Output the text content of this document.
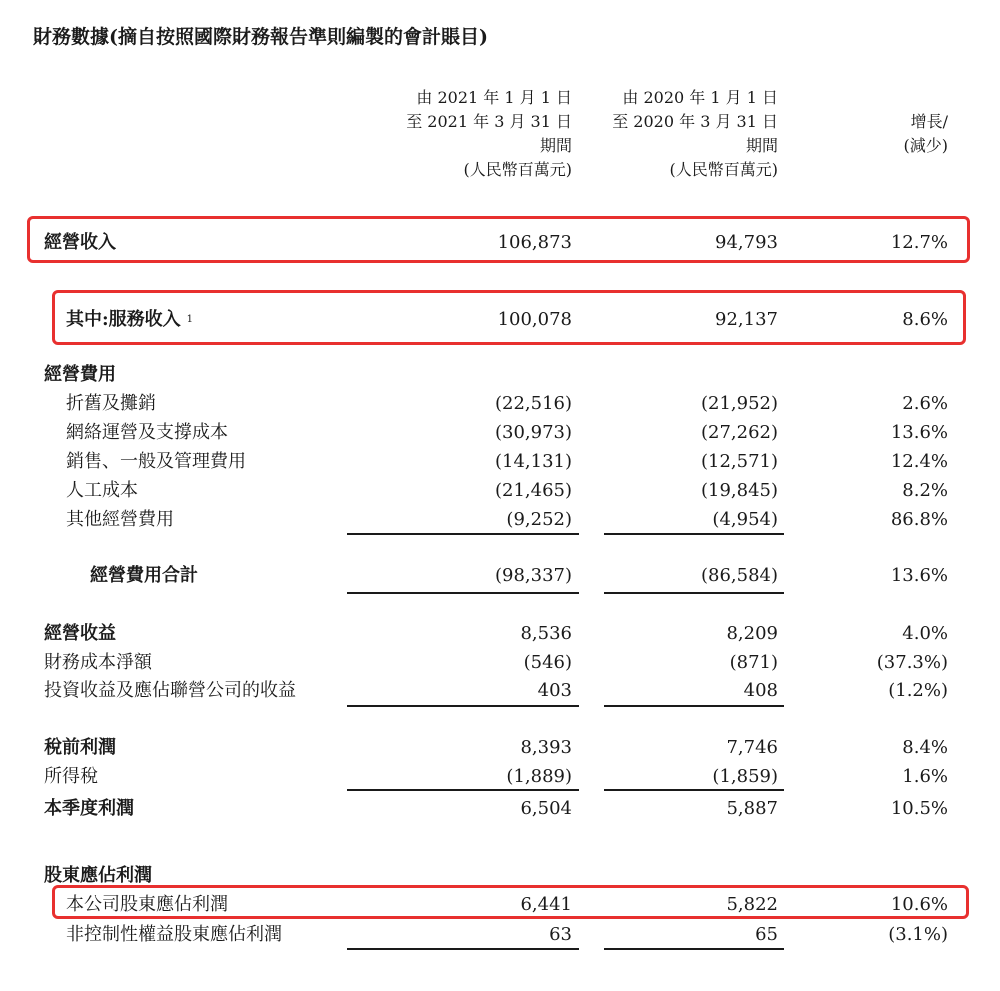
財務數據(摘自按照國際財務報告準則編製的會計賬目)
由 2021 年 1 月 1 日
至 2021 年 3 月 31 日
期間
(人民幣百萬元)
由 2020 年 1 月 1 日
至 2020 年 3 月 31 日
期間
(人民幣百萬元)
增長/
(減少)
經營收入	106,873	94,793	12.7%
其中:服務收入 $^1$	100,078	92,137	8.6%
經營費用
折舊及攤銷	(22,516)	(21,952)	2.6%
網絡運營及支撐成本	(30,973)	(27,262)	13.6%
銷售、一般及管理費用	(14,131)	(12,571)	12.4%
人工成本	(21,465)	(19,845)	8.2%
其他經營費用	(9,252)	(4,954)	86.8%
經營費用合計	(98,337)	(86,584)	13.6%
經營收益	8,536	8,209	4.0%
財務成本淨額	(546)	(871)	(37.3%)
投資收益及應佔聯營公司的收益	403	408	(1.2%)
稅前利潤	8,393	7,746	8.4%
所得稅	(1,889)	(1,859)	1.6%
本季度利潤	6,504	5,887	10.5%
股東應佔利潤
本公司股東應佔利潤	6,441	5,822	10.6%
非控制性權益股東應佔利潤	63	65	(3.1%)
